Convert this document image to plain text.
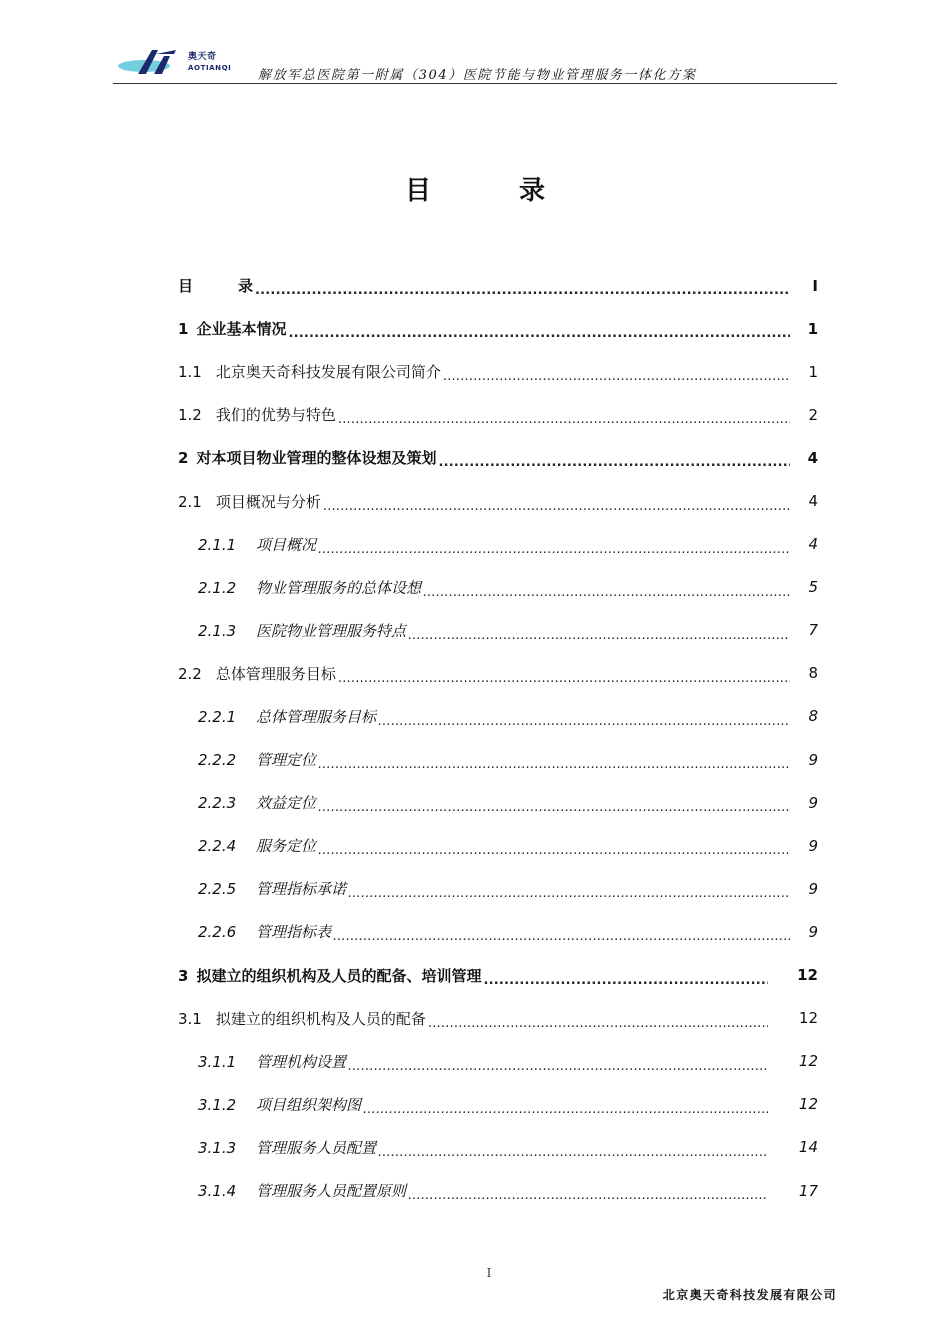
奥天奇
AOTIANQI 解放军总医院第一附属（304）医院节能与物业管理服务一体化方案
目录
目　　　录 .....	I
1 企业基本情况 .....	1
1.1 北京奥天奇科技发展有限公司简介 .....	1
1.2 我们的优势与特色 .....	2
2 对本项目物业管理的整体设想及策划 .....	4
2.1 项目概况与分析 .....	4
2.1.1 项目概况 .....	4
2.1.2 物业管理服务的总体设想 .....	5
2.1.3 医院物业管理服务特点 .....	7
2.2 总体管理服务目标 .....	8
2.2.1 总体管理服务目标 .....	8
2.2.2 管理定位 .....	9
2.2.3 效益定位 .....	9
2.2.4 服务定位 .....	9
2.2.5 管理指标承诺 .....	9
2.2.6 管理指标表 .....	9
3 拟建立的组织机构及人员的配备、培训管理 .....	12
3.1 拟建立的组织机构及人员的配备 .....	12
3.1.1 管理机构设置 .....	12
3.1.2 项目组织架构图 .....	12
3.1.3 管理服务人员配置 .....	14
3.1.4 管理服务人员配置原则 .....	17
I
北京奥天奇科技发展有限公司
